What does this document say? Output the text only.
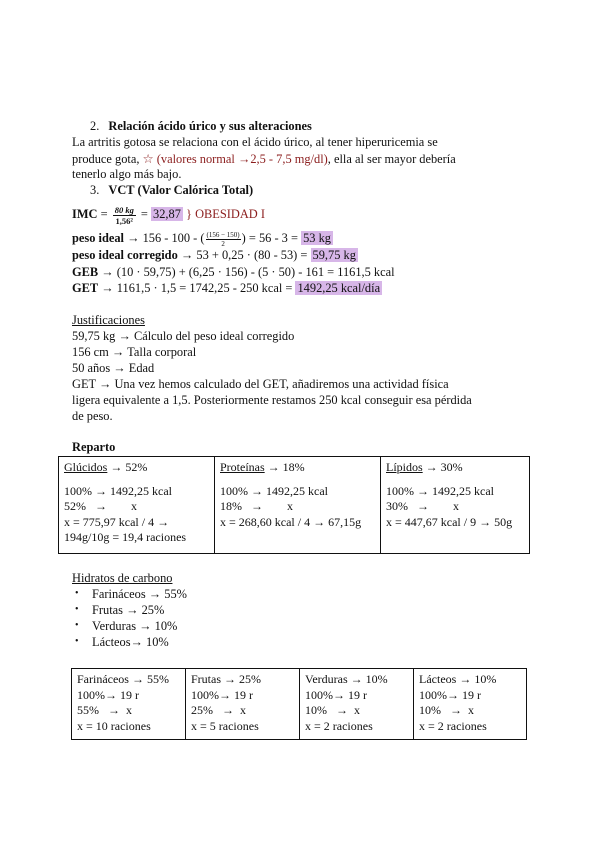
2. Relación ácido úrico y sus alteraciones
La artritis gotosa se relaciona con el ácido úrico, al tener hiperuricemia se
produce gota, ☆ (valores normal →2,5 - 7,5 mg/dl), ella al ser mayor debería
tenerlo algo más bajo.
3. VCT (Valor Calórica Total)
IMC = $\frac{80 kg}{\text{1,56²}} = 32,87$ } OBESIDAD I
peso ideal → 156 - 100 - ( $\frac{(156 - 150)}{2}$ ) = 56 - 3 = 53 kg
peso ideal corregido → 53 + 0,25 · (80 - 53) = 59,75 kg
GEB → (10 · 59,75) + (6,25 · 156) - (5 · 50) - 161 = 1161,5 kcal
GET → 1161,5 · 1,5 = 1742,25 - 250 kcal = 1492,25 kcal/día
Justificaciones
59,75 kg → Cálculo del peso ideal corregido
156 cm → Talla corporal
50 años → Edad
GET → Una vez hemos calculado del GET, añadiremos una actividad física
ligera equivalente a 1,5. Posteriormente restamos 250 kcal conseguir esa pérdida
de peso.
Reparto
Glúcidos → 52%
100% → 1492,25 kcal
52%   →        x
x = 775,97 kcal / 4 →
194g/10g = 19,4 raciones

Proteínas → 18%
100% → 1492,25 kcal
18%   →        x
x = 268,60 kcal / 4 → 67,15g

Lípidos → 30%
100% → 1492,25 kcal
30%   →        x
x = 447,67 kcal / 9 → 50g
Hidratos de carbono
• Farináceos → 55%
• Frutas → 25%
• Verduras → 10%
• Lácteos→ 10%
Farináceos → 55%
100%→ 19 r
55%   →  x
x = 10 raciones

Frutas → 25%
100%→ 19 r
25%   →  x
x = 5 raciones

Verduras → 10%
100%→ 19 r
10%   →  x
x = 2 raciones

Lácteos → 10%
100%→ 19 r
10%   →  x
x = 2 raciones
